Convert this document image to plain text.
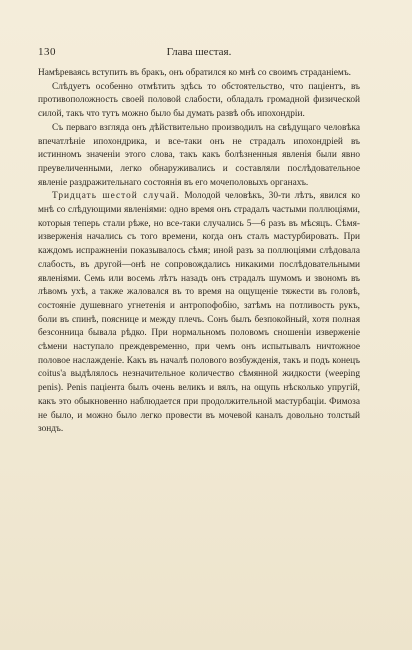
130	Глава шестая.

Намѣреваясь вступить въ бракъ, онъ обратился ко мнѣ со своимъ страданіемъ.

Слѣдуетъ особенно отмѣтить здѣсь то обстоятельство, что паціентъ, въ противоположность своей половой слабости, обладалъ громадной физической силой, такъ что тутъ можно было бы думать развѣ объ ипохондріи.

Съ перваго взгляда онъ дѣйствительно производилъ на свѣдущаго человѣка впечатлѣніе ипохондрика, и все-таки онъ не страдалъ ипохондріей въ истинномъ значеніи этого слова, такъ какъ болѣзненныя явленія были явно преувеличенными, легко обнаруживались и составляли послѣдовательное явленіе раздражительнаго состоянія въ его мочеполовыхъ органахъ.

Тридцать шестой случай. Молодой человѣкъ, 30-ти лѣтъ, явился ко мнѣ со слѣдующими явленіями: одно время онъ страдалъ частыми поллюціями, которыя теперь стали рѣже, но все-таки случались 5—6 разъ въ мѣсяцъ. Сѣмя-изверженія начались съ того времени, когда онъ сталъ мастурбировать. При каждомъ испражненіи показывалось сѣмя; иной разъ за поллюціями слѣдовала слабость, въ другой—онѣ не сопровождались никакими послѣдовательными явленіями. Семь или восемь лѣтъ назадъ онъ страдалъ шумомъ и звономъ въ лѣвомъ ухѣ, а также жаловался въ то время на ощущеніе тяжести въ головѣ, состояніе душевнаго угнетенія и антропофобію, затѣмъ на потливость рукъ, боли въ спинѣ, пояснице и между плечъ. Сонъ былъ безпокойный, хотя полная безсонница бывала рѣдко. При нормальномъ половомъ сношеніи изверженіе сѣмени наступало преждевременно, при чемъ онъ испытывалъ ничтожное половое наслажденіе. Какъ въ началѣ полового возбужденія, такъ и подъ конецъ coitus'а выдѣлялось незначительное количество сѣмянной жидкости (weeping penis). Penis паціента былъ очень великъ и вялъ, на ощупь нѣсколько упругій, какъ это обыкновенно наблюдается при продолжительной мастурбаціи. Фимоза не было, и можно было легко провести въ мочевой каналъ довольно толстый зондъ.
